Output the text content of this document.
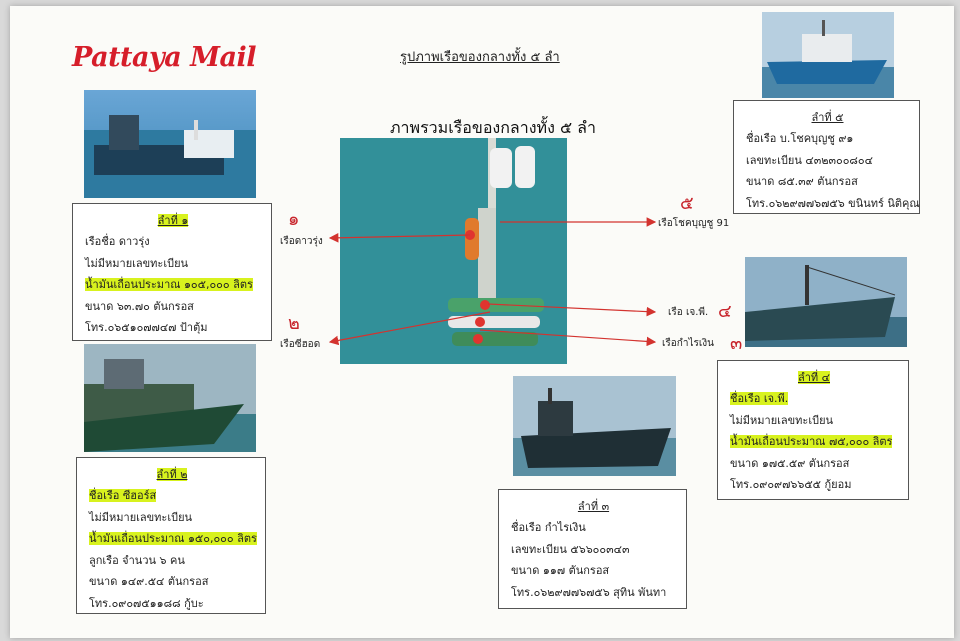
Pattaya Mail	รูปภาพเรือของกลางทั้ง ๕ ลำ
ภาพรวมเรือของกลางทั้ง ๕ ลำ
ลำที่ ๑
เรือชื่อ ดาวรุ่ง
ไม่มีหมายเลขทะเบียน
น้ำมันเถื่อนประมาณ ๑๐๕,๐๐๐ ลิตร
ขนาด ๖๓.๗๐ ตันกรอส
โทร.๐๖๕๑๐๗๗๔๗ ป้าตุ้ม
ลำที่ ๒
ชื่อเรือ ซีฮอร์ส
ไม่มีหมายเลขทะเบียน
น้ำมันเถื่อนประมาณ ๑๕๐,๐๐๐ ลิตร
ลูกเรือ จำนวน ๖ คน
ขนาด ๑๔๙.๕๔ ตันกรอส
โทร.๐๙๐๗๕๑๑๘๘ กู้บะ
๑
เรือดาวรุ่ง
๒
เรือซีฮอด
๕
เรือโชคบุญชู 91
เรือ เจ.พี. ๔
เรือกำไรเงิน ๓
ลำที่ ๕
ชื่อเรือ บ.โชคบุญชู ๙๑
เลขทะเบียน ๔๓๒๓๐๐๘๐๔
ขนาด ๘๕.๓๙ ตันกรอส
โทร.๐๖๒๙๗๗๖๗๕๖ ขนินทร์ นิติคุณ
ลำที่ ๔
ชื่อเรือ เจ.พี.
ไม่มีหมายเลขทะเบียน
น้ำมันเถื่อนประมาณ ๗๕,๐๐๐ ลิตร
ขนาด ๑๗๕.๕๙ ตันกรอส
โทร.๐๙๐๙๗๖๖๕๕ กู้ยอม
ลำที่ ๓
ชื่อเรือ กำไรเงิน
เลขทะเบียน ๕๖๖๐๐๓๔๓
ขนาด ๑๑๗ ตันกรอส
โทร.๐๖๒๙๗๗๖๗๕๖ สุทิน พันทา
